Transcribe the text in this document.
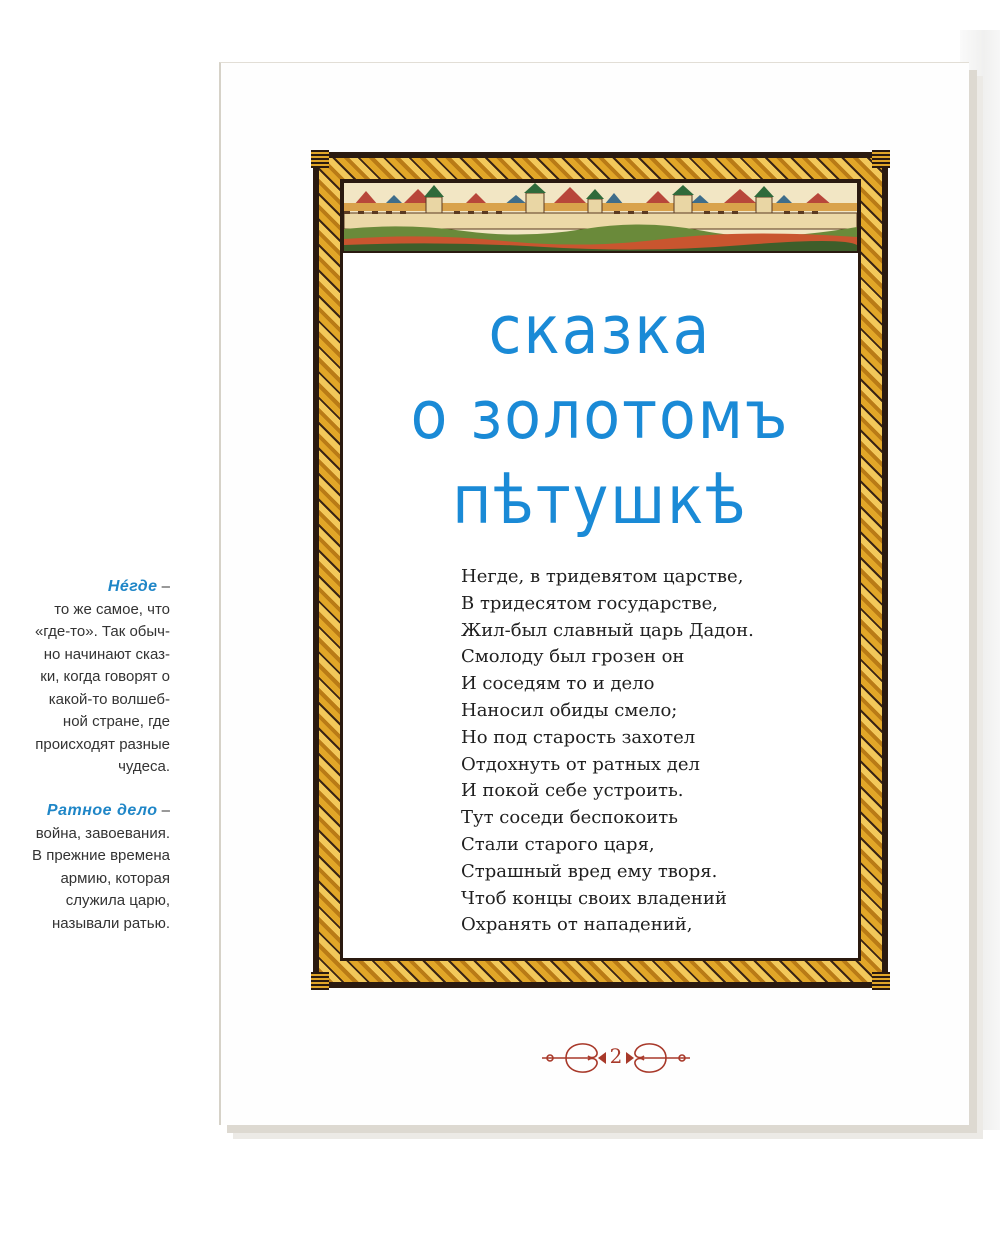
Нéгде –
то же самое, что
«где-то». Так обыч-
но начинают сказ-
ки, когда говорят о
какой-то волшеб-
ной стране, где
происходят разные
чудеса.
Ратное дело –
война, завоевания.
В прежние времена
армию, которая
служила царю,
называли ратью.
сказка
о золотомъ
пѣтушкѣ
Негде, в тридевятом царстве,
В тридесятом государстве,
Жил-был славный царь Дадон.
Смолоду был грозен он
И соседям то и дело
Наносил обиды смело;
Но под старость захотел
Отдохнуть от ратных дел
И покой себе устроить.
Тут соседи беспокоить
Стали старого царя,
Страшный вред ему творя.
Чтоб концы своих владений
Охранять от нападений,
2
